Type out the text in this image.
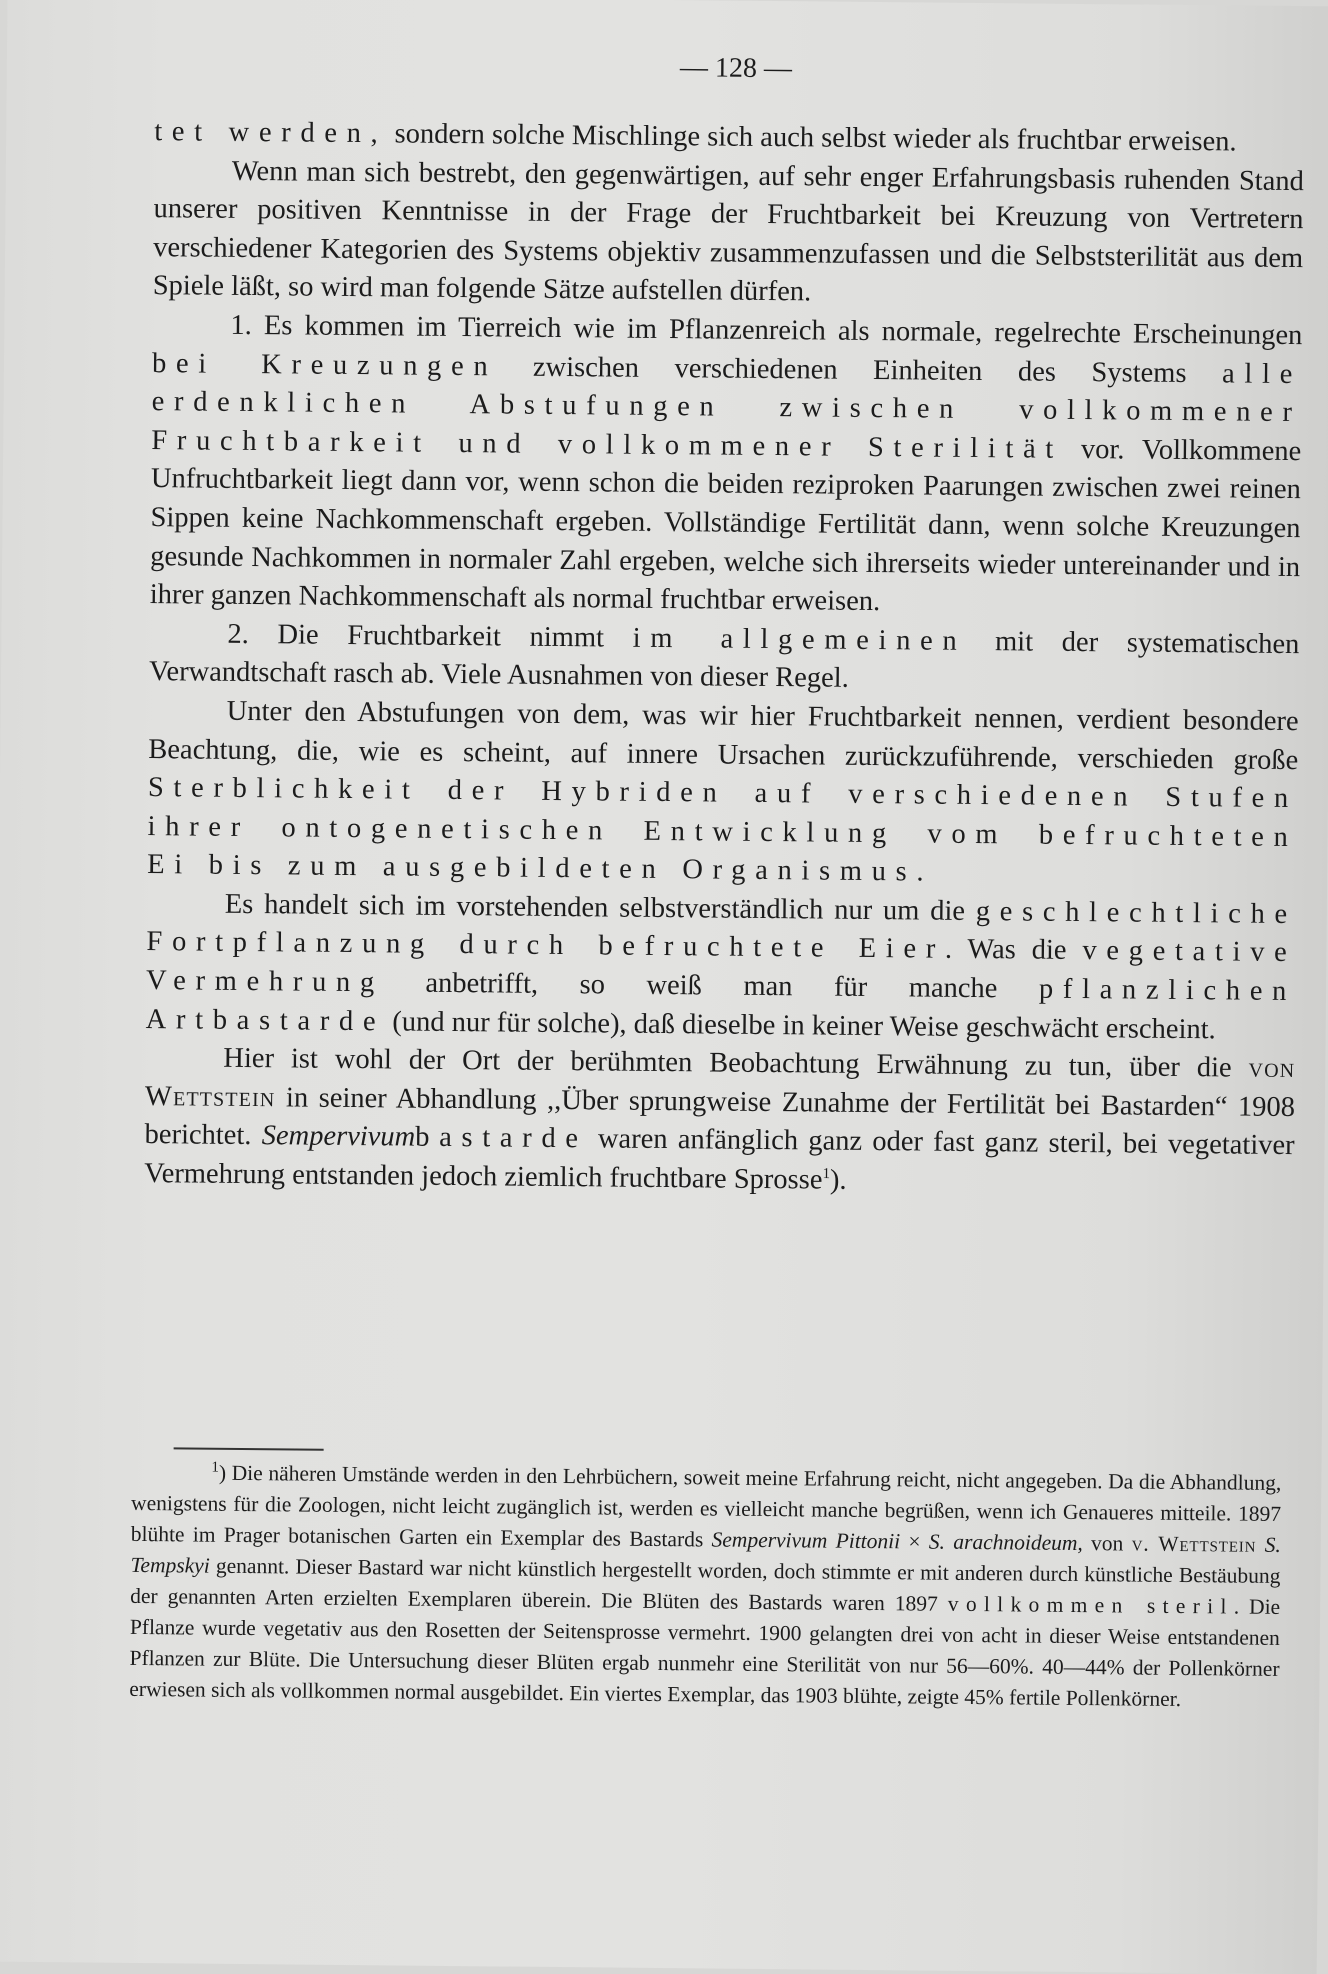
— 128 —

tet werden, sondern solche Mischlinge sich auch selbst wieder als fruchtbar erweisen.

Wenn man sich bestrebt, den gegenwärtigen, auf sehr enger Erfahrungsbasis ruhenden Stand unserer positiven Kenntnisse in der Frage der Fruchtbarkeit bei Kreuzung von Vertretern verschiedener Kategorien des Systems objektiv zusammenzufassen und die Selbststerilität aus dem Spiele läßt, so wird man folgende Sätze aufstellen dürfen.

1. Es kommen im Tierreich wie im Pflanzenreich als normale, regelrechte Erscheinungen bei Kreuzungen zwischen verschiedenen Einheiten des Systems alle erdenklichen Abstufungen zwischen vollkommener Fruchtbarkeit und vollkommener Sterilität vor. Vollkommene Unfruchtbarkeit liegt dann vor, wenn schon die beiden reziproken Paarungen zwischen zwei reinen Sippen keine Nachkommenschaft ergeben. Vollständige Fertilität dann, wenn solche Kreuzungen gesunde Nachkommen in normaler Zahl ergeben, welche sich ihrerseits wieder untereinander und in ihrer ganzen Nachkommenschaft als normal fruchtbar erweisen.

2. Die Fruchtbarkeit nimmt im allgemeinen mit der systematischen Verwandtschaft rasch ab. Viele Ausnahmen von dieser Regel.

Unter den Abstufungen von dem, was wir hier Fruchtbarkeit nennen, verdient besondere Beachtung, die, wie es scheint, auf innere Ursachen zurückzuführende, verschieden große Sterblichkeit der Hybriden auf verschiedenen Stufen ihrer ontogenetischen Entwicklung vom befruchteten Ei bis zum ausgebildeten Organismus.

Es handelt sich im vorstehenden selbstverständlich nur um die geschlechtliche Fortpflanzung durch befruchtete Eier. Was die vegetative Vermehrung anbetrifft, so weiß man für manche pflanzlichen Artbastarde (und nur für solche), daß dieselbe in keiner Weise geschwächt erscheint.

Hier ist wohl der Ort der berühmten Beobachtung Erwähnung zu tun, über die von Wettstein in seiner Abhandlung ,,Über sprungweise Zunahme der Fertilität bei Bastarden“ 1908 berichtet. Sempervivumbastarde waren anfänglich ganz oder fast ganz steril, bei vegetativer Vermehrung entstanden jedoch ziemlich fruchtbare Sprosse$^1$).

$^1$) Die näheren Umstände werden in den Lehrbüchern, soweit meine Erfahrung reicht, nicht angegeben. Da die Abhandlung, wenigstens für die Zoologen, nicht leicht zugänglich ist, werden es vielleicht manche begrüßen, wenn ich Genaueres mitteile. 1897 blühte im Prager botanischen Garten ein Exemplar des Bastards Sempervivum Pittonii × S. arachnoideum, von v. Wettstein S. Tempskyi genannt. Dieser Bastard war nicht künstlich hergestellt worden, doch stimmte er mit anderen durch künstliche Bestäubung der genannten Arten erzielten Exemplaren überein. Die Blüten des Bastards waren 1897 vollkommen steril. Die Pflanze wurde vegetativ aus den Rosetten der Seitensprosse vermehrt. 1900 gelangten drei von acht in dieser Weise entstandenen Pflanzen zur Blüte. Die Untersuchung dieser Blüten ergab nunmehr eine Sterilität von nur 56—60%. 40—44% der Pollenkörner erwiesen sich als vollkommen normal ausgebildet. Ein viertes Exemplar, das 1903 blühte, zeigte 45% fertile Pollenkörner.
